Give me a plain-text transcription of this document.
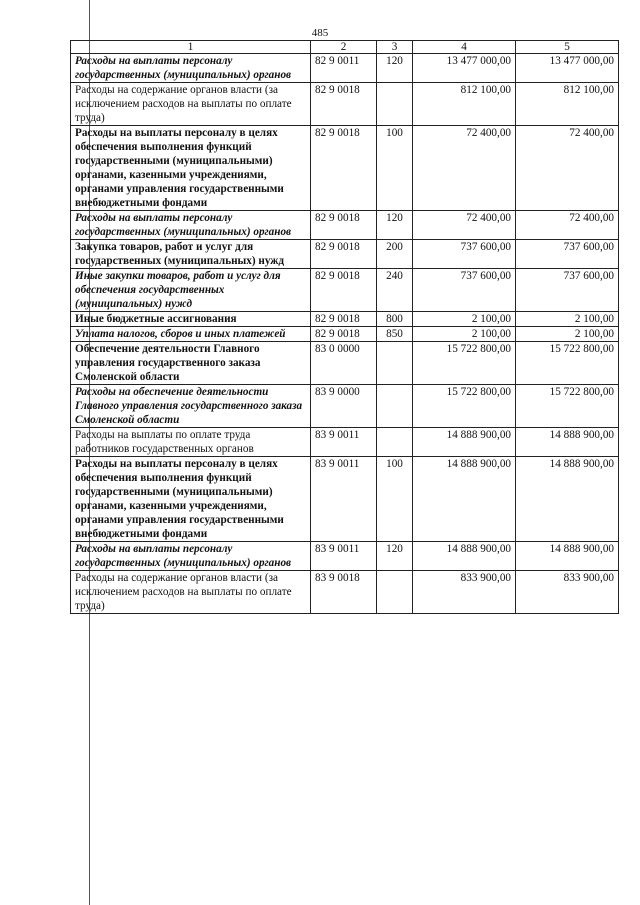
485
1	2	3	4	5
Расходы на выплаты персоналу государственных (муниципальных) органов	82 9 0011	120	13 477 000,00	13 477 000,00
Расходы на содержание органов власти (за исключением расходов на выплаты по оплате труда)	82 9 0018		812 100,00	812 100,00
Расходы на выплаты персоналу в целях обеспечения выполнения функций государственными (муниципальными) органами, казенными учреждениями, органами управления государственными внебюджетными фондами	82 9 0018	100	72 400,00	72 400,00
Расходы на выплаты персоналу государственных (муниципальных) органов	82 9 0018	120	72 400,00	72 400,00
Закупка товаров, работ и услуг для государственных (муниципальных) нужд	82 9 0018	200	737 600,00	737 600,00
Иные закупки товаров, работ и услуг для обеспечения государственных (муниципальных) нужд	82 9 0018	240	737 600,00	737 600,00
Иные бюджетные ассигнования	82 9 0018	800	2 100,00	2 100,00
Уплата налогов, сборов и иных платежей	82 9 0018	850	2 100,00	2 100,00
Обеспечение деятельности Главного управления государственного заказа Смоленской области	83 0 0000		15 722 800,00	15 722 800,00
Расходы на обеспечение деятельности Главного управления государственного заказа Смоленской области	83 9 0000		15 722 800,00	15 722 800,00
Расходы на выплаты по оплате труда работников государственных органов	83 9 0011		14 888 900,00	14 888 900,00
Расходы на выплаты персоналу в целях обеспечения выполнения функций государственными (муниципальными) органами, казенными учреждениями, органами управления государственными внебюджетными фондами	83 9 0011	100	14 888 900,00	14 888 900,00
Расходы на выплаты персоналу государственных (муниципальных) органов	83 9 0011	120	14 888 900,00	14 888 900,00
Расходы на содержание органов власти (за исключением расходов на выплаты по оплате труда)	83 9 0018		833 900,00	833 900,00
